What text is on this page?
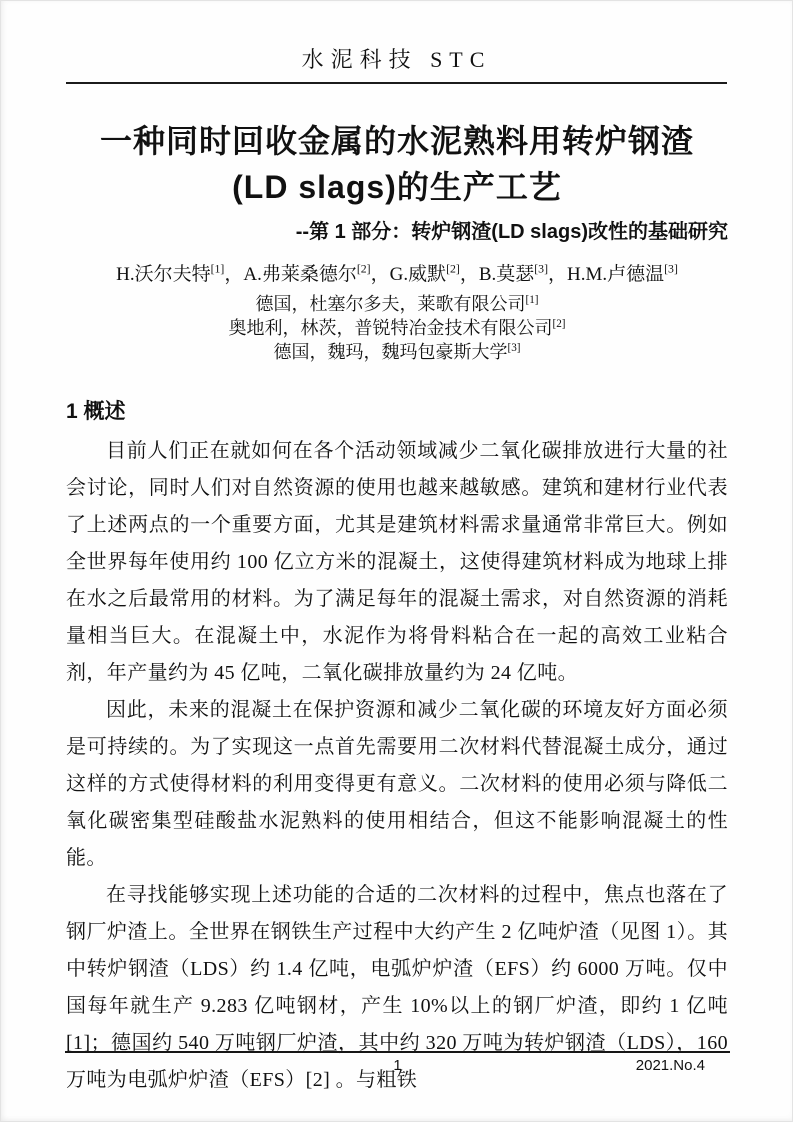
水泥科技 STC
一种同时回收金属的水泥熟料用转炉钢渣
(LD slags)的生产工艺
--第 1 部分：转炉钢渣(LD slags)改性的基础研究
H.沃尔夫特[1]，A.弗莱桑德尔[2]，G.威默[2]，B.莫瑟[3]，H.M.卢德温[3]
德国，杜塞尔多夫，莱歌有限公司[1]
奥地利，林茨，普锐特冶金技术有限公司[2]
德国，魏玛，魏玛包豪斯大学[3]
1 概述

目前人们正在就如何在各个活动领域减少二氧化碳排放进行大量的社会讨论，同时人们对自然资源的使用也越来越敏感。建筑和建材行业代表了上述两点的一个重要方面，尤其是建筑材料需求量通常非常巨大。例如全世界每年使用约 100 亿立方米的混凝土，这使得建筑材料成为地球上排在水之后最常用的材料。为了满足每年的混凝土需求，对自然资源的消耗量相当巨大。在混凝土中，水泥作为将骨料粘合在一起的高效工业粘合剂，年产量约为 45 亿吨，二氧化碳排放量约为 24 亿吨。

因此，未来的混凝土在保护资源和减少二氧化碳的环境友好方面必须是可持续的。为了实现这一点首先需要用二次材料代替混凝土成分，通过这样的方式使得材料的利用变得更有意义。二次材料的使用必须与降低二氧化碳密集型硅酸盐水泥熟料的使用相结合，但这不能影响混凝土的性能。

在寻找能够实现上述功能的合适的二次材料的过程中，焦点也落在了钢厂炉渣上。全世界在钢铁生产过程中大约产生 2 亿吨炉渣（见图 1）。其中转炉钢渣（LDS）约 1.4 亿吨，电弧炉炉渣（EFS）约 6000 万吨。仅中国每年就生产 9.283 亿吨钢材，产生 10%以上的钢厂炉渣，即约 1 亿吨[1]；德国约 540 万吨钢厂炉渣，其中约 320 万吨为转炉钢渣（LDS），160 万吨为电弧炉炉渣（EFS）[2] 。与粗铁

1	2021.No.4
